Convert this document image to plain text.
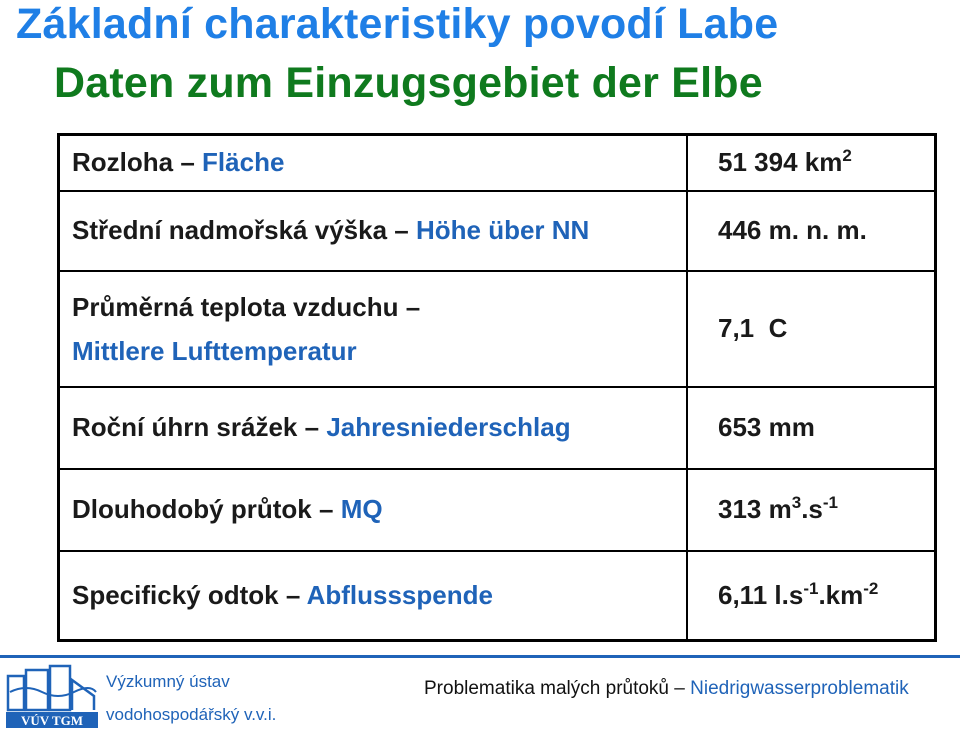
Základní charakteristiky povodí Labe
Daten zum Einzugsgebiet der Elbe
Rozloha – Fläche	51 394 $km^2$
Střední nadmořská výška – Höhe über NN	446 m. n. m.
Průměrná teplota vzduchu –
Mittlere Lufttemperatur	7,1  C
Roční úhrn srážek – Jahresniederschlag	653 mm
Dlouhodobý průtok – MQ	313 $m^3.s^{-1}$
Specifický odtok – Abflussspende	6,11 $l.s^{-1}.km^{-2}$
VÚV TGM
Výzkumný ústav
vodohospodářský v.v.i.
Problematika malých průtoků – Niedrigwasserproblematik
